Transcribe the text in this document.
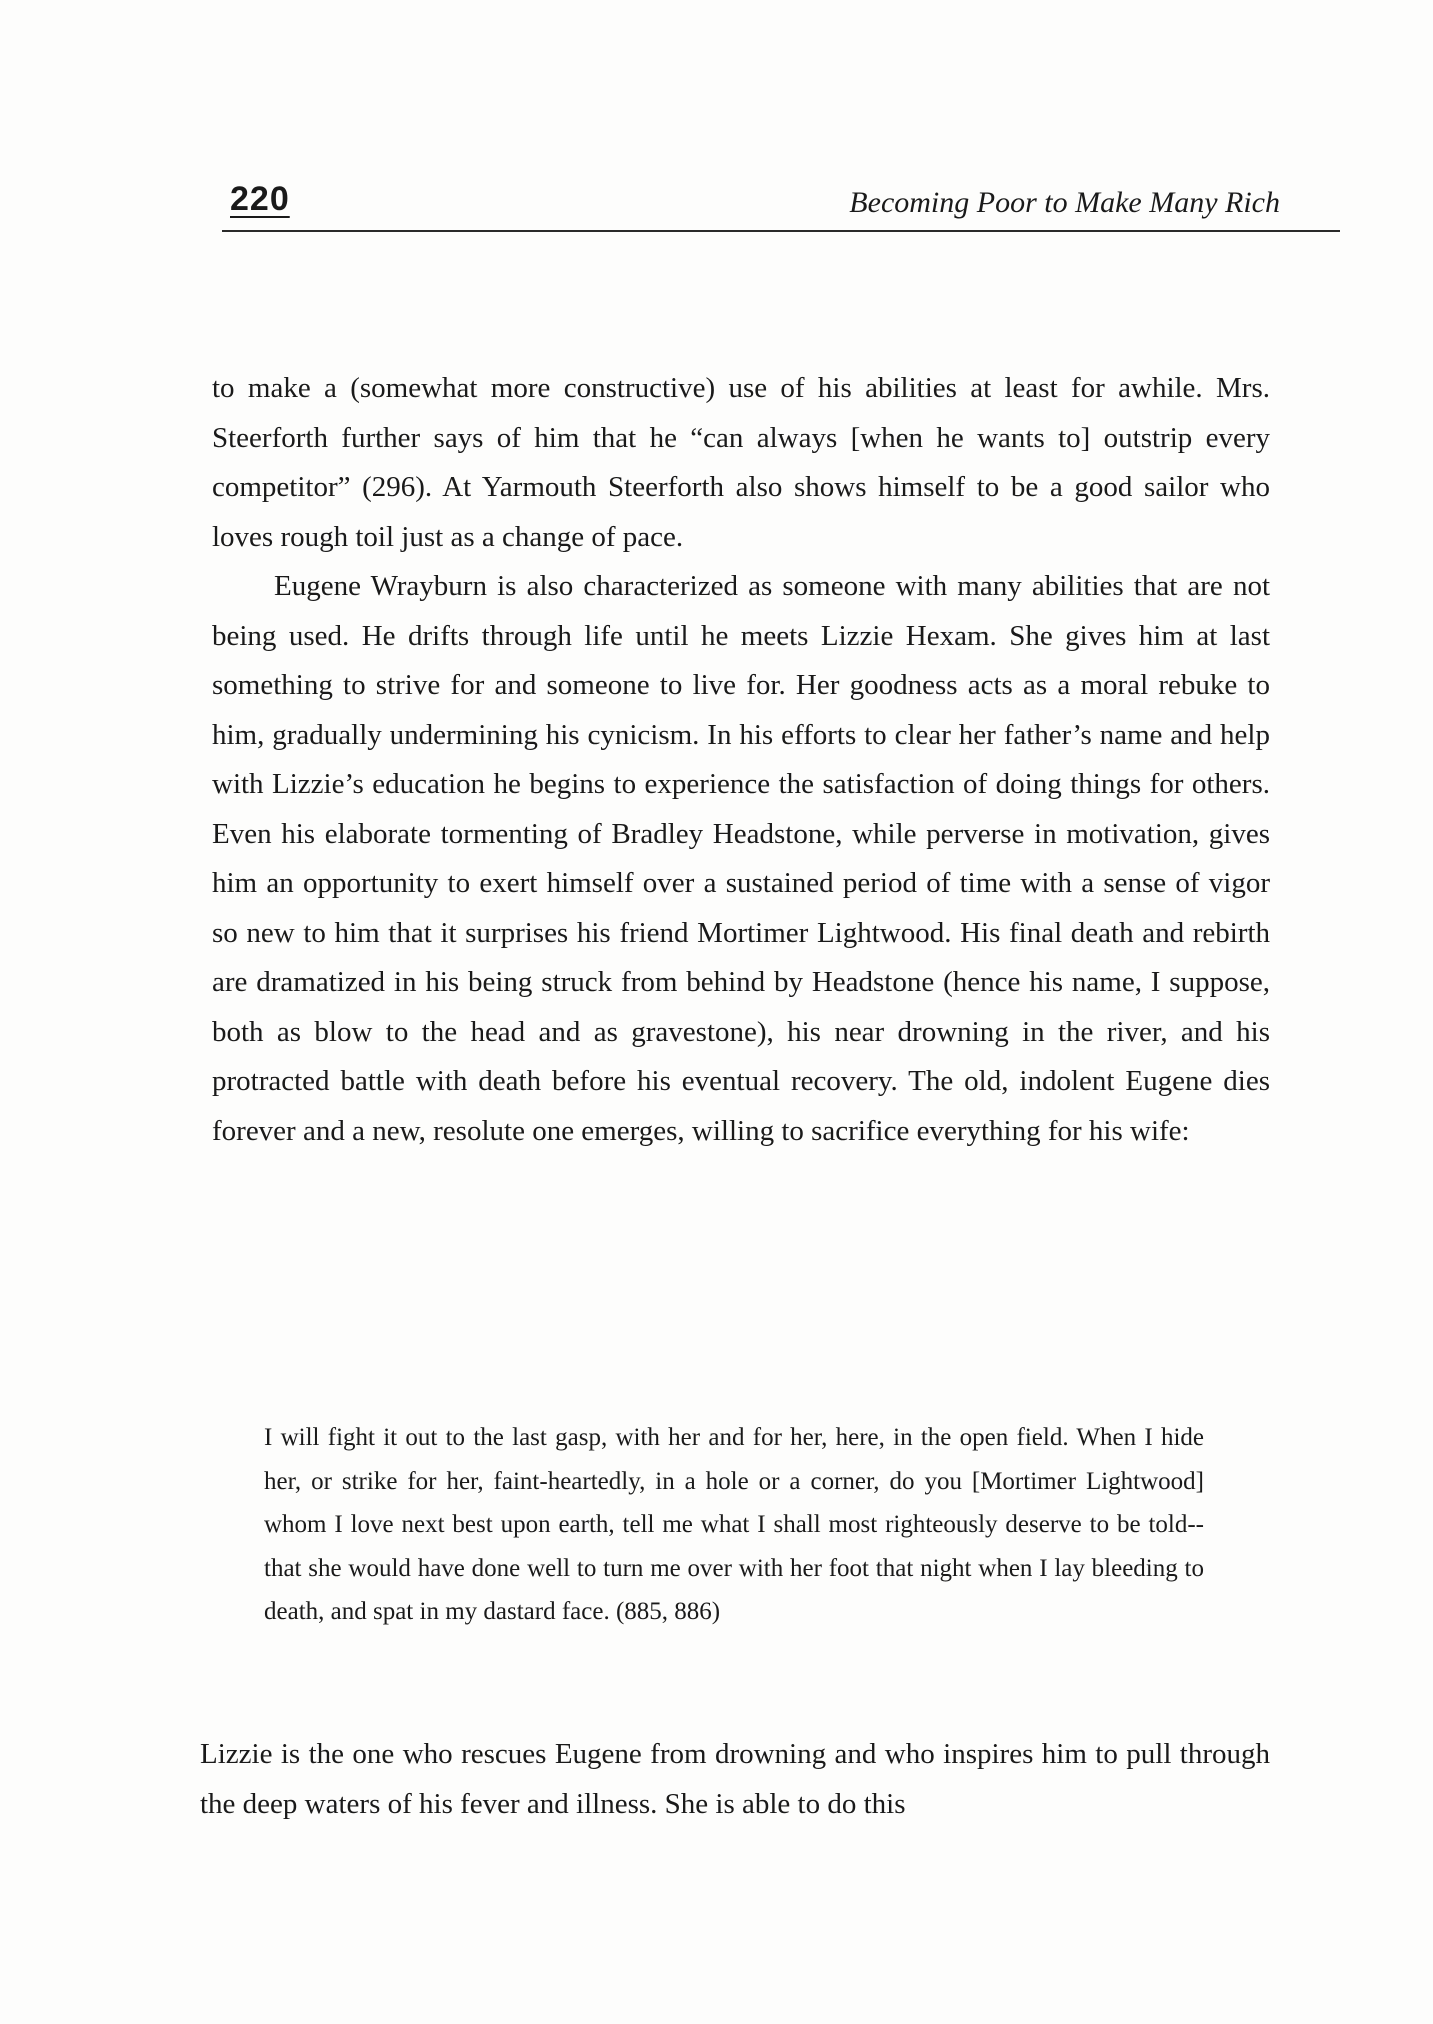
220	Becoming Poor to Make Many Rich

to make a (somewhat more constructive) use of his abilities at least for awhile. Mrs. Steerforth further says of him that he “can always [when he wants to] outstrip every competitor” (296). At Yarmouth Steerforth also shows himself to be a good sailor who loves rough toil just as a change of pace.

Eugene Wrayburn is also characterized as someone with many abilities that are not being used. He drifts through life until he meets Lizzie Hexam. She gives him at last something to strive for and someone to live for. Her goodness acts as a moral rebuke to him, gradually undermining his cynicism. In his efforts to clear her father’s name and help with Lizzie’s education he begins to experience the satisfaction of doing things for others. Even his elaborate tormenting of Bradley Headstone, while perverse in motivation, gives him an opportunity to exert himself over a sustained period of time with a sense of vigor so new to him that it surprises his friend Mortimer Lightwood. His final death and rebirth are dramatized in his being struck from behind by Headstone (hence his name, I suppose, both as blow to the head and as gravestone), his near drowning in the river, and his protracted battle with death before his eventual recovery. The old, indolent Eugene dies forever and a new, resolute one emerges, willing to sacrifice everything for his wife:

I will fight it out to the last gasp, with her and for her, here, in the open field. When I hide her, or strike for her, faint-heartedly, in a hole or a corner, do you [Mortimer Lightwood] whom I love next best upon earth, tell me what I shall most righteously deserve to be told--that she would have done well to turn me over with her foot that night when I lay bleeding to death, and spat in my dastard face. (885, 886)

Lizzie is the one who rescues Eugene from drowning and who inspires him to pull through the deep waters of his fever and illness. She is able to do this
